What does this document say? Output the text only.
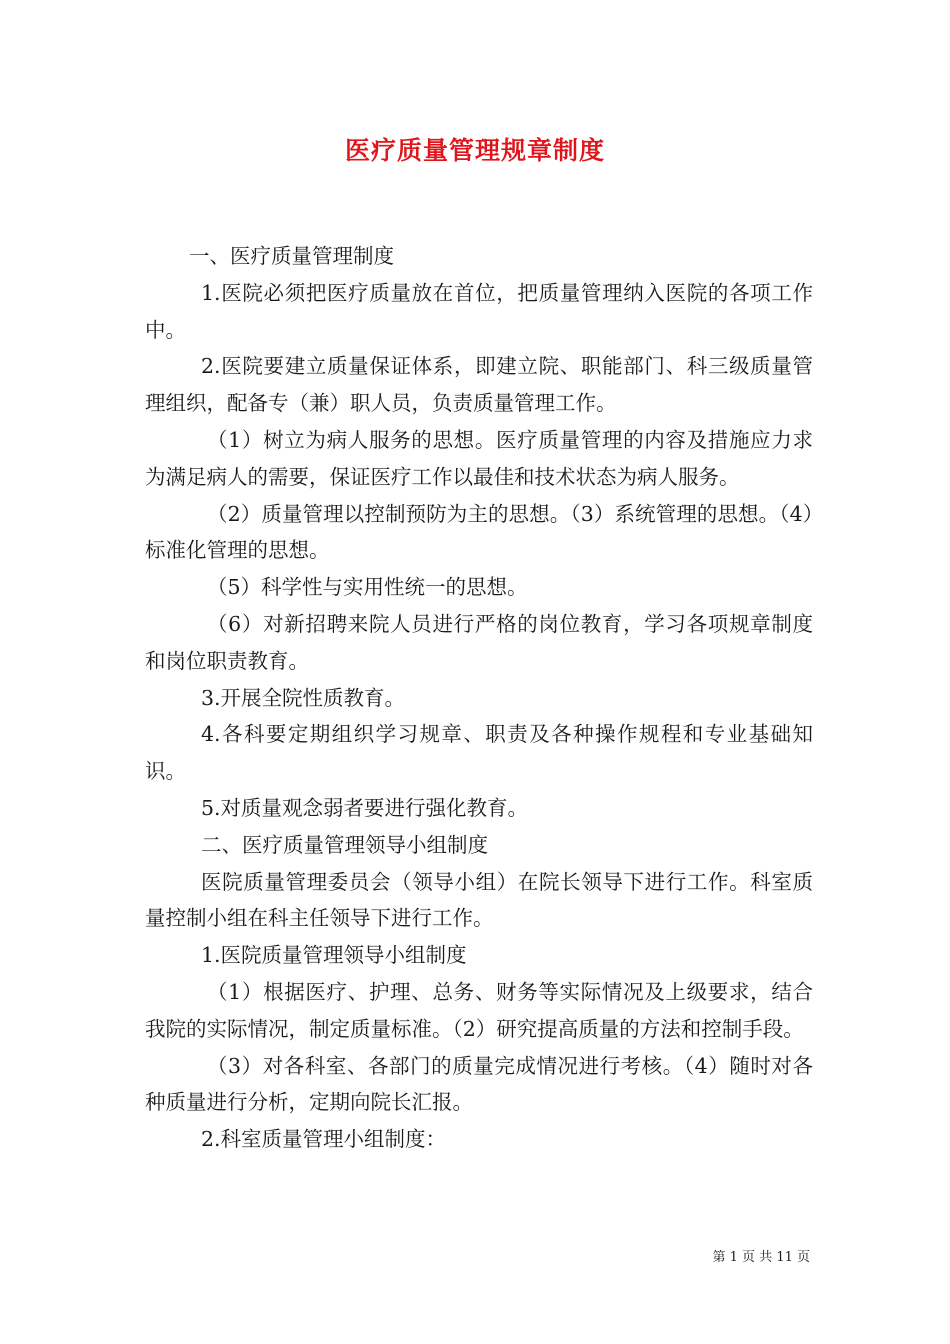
医疗质量管理规章制度

一、医疗质量管理制度

1.医院必须把医疗质量放在首位，把质量管理纳入医院的各项工作中。

2.医院要建立质量保证体系，即建立院、职能部门、科三级质量管理组织，配备专（兼）职人员，负责质量管理工作。

（1）树立为病人服务的思想。医疗质量管理的内容及措施应力求为满足病人的需要，保证医疗工作以最佳和技术状态为病人服务。

（2）质量管理以控制预防为主的思想。（3）系统管理的思想。（4）标准化管理的思想。

（5）科学性与实用性统一的思想。

（6）对新招聘来院人员进行严格的岗位教育，学习各项规章制度和岗位职责教育。

3.开展全院性质教育。

4.各科要定期组织学习规章、职责及各种操作规程和专业基础知识。

5.对质量观念弱者要进行强化教育。

二、医疗质量管理领导小组制度

医院质量管理委员会（领导小组）在院长领导下进行工作。科室质量控制小组在科主任领导下进行工作。

1.医院质量管理领导小组制度

（1）根据医疗、护理、总务、财务等实际情况及上级要求，结合我院的实际情况，制定质量标准。（2）研究提高质量的方法和控制手段。

（3）对各科室、各部门的质量完成情况进行考核。（4）随时对各种质量进行分析，定期向院长汇报。

2.科室质量管理小组制度：

第 1 页 共 11 页
